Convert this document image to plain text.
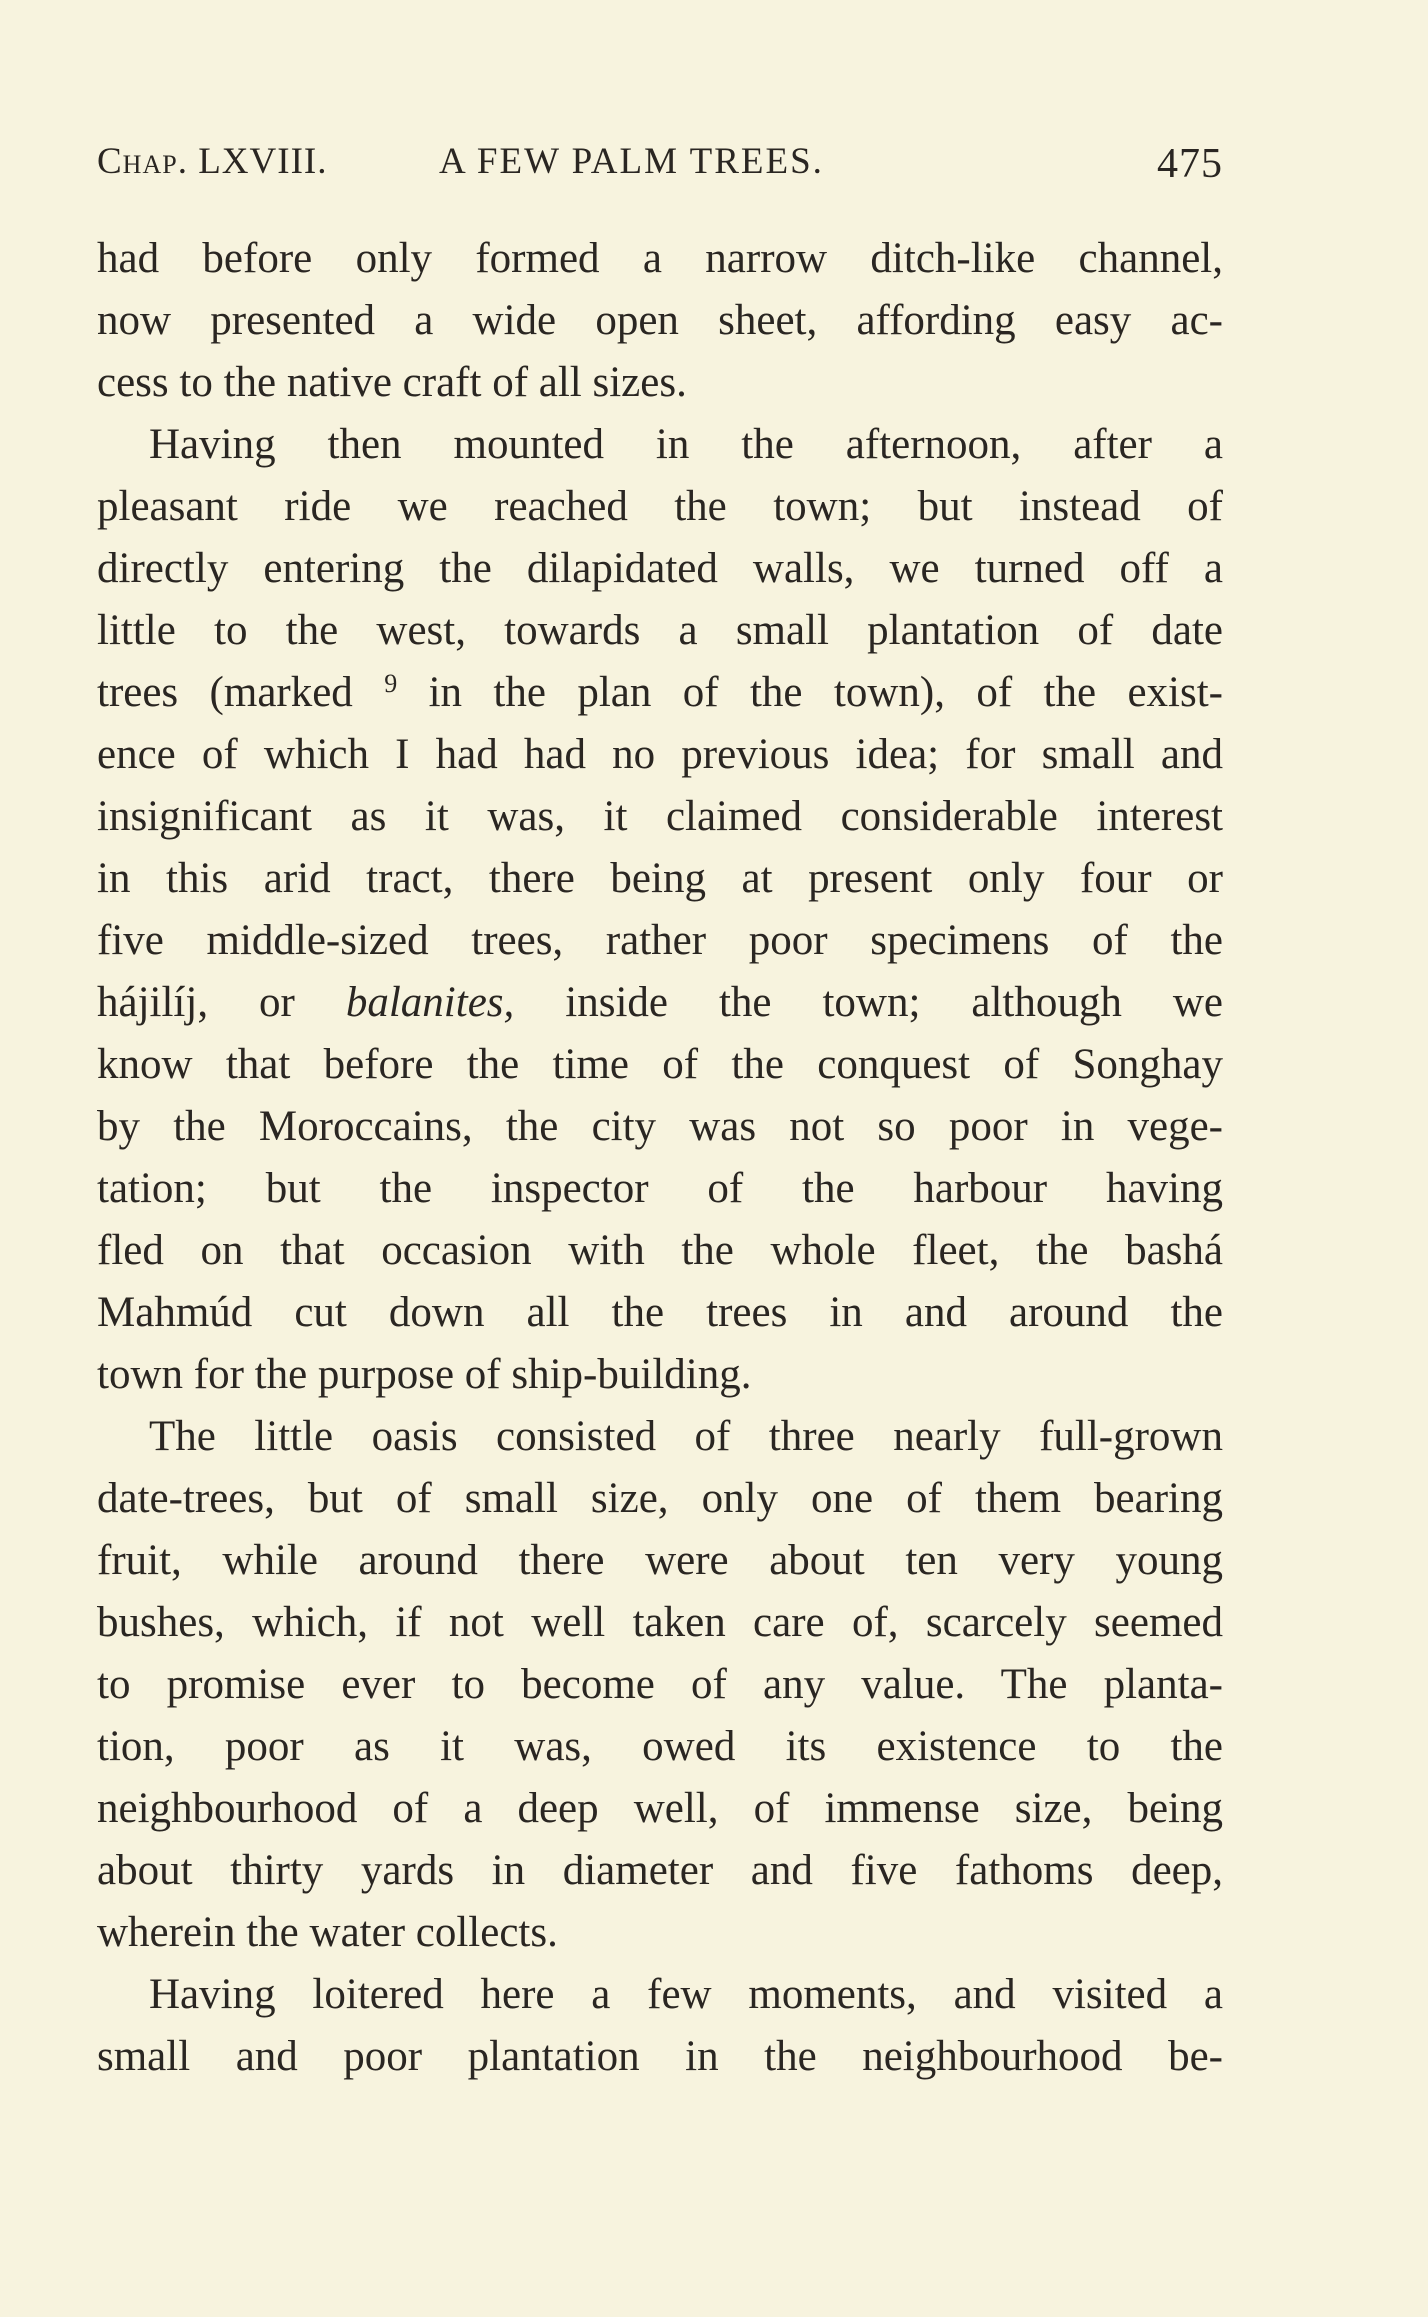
Chap. LXVIII.	A FEW PALM TREES.	475
had before only formed a narrow ditch-like channel,
now presented a wide open sheet, affording easy ac-
cess to the native craft of all sizes.
Having then mounted in the afternoon, after a
pleasant ride we reached the town; but instead of
directly entering the dilapidated walls, we turned off a
little to the west, towards a small plantation of date
trees (marked $^9$ in the plan of the town), of the exist-
ence of which I had had no previous idea; for small and
insignificant as it was, it claimed considerable interest
in this arid tract, there being at present only four or
five middle-sized trees, rather poor specimens of the
hájilíj, or balanites, inside the town; although we
know that before the time of the conquest of Songhay
by the Moroccains, the city was not so poor in vege-
tation; but the inspector of the harbour having
fled on that occasion with the whole fleet, the bashá
Mahmúd cut down all the trees in and around the
town for the purpose of ship-building.
The little oasis consisted of three nearly full-grown
date-trees, but of small size, only one of them bearing
fruit, while around there were about ten very young
bushes, which, if not well taken care of, scarcely seemed
to promise ever to become of any value. The planta-
tion, poor as it was, owed its existence to the
neighbourhood of a deep well, of immense size, being
about thirty yards in diameter and five fathoms deep,
wherein the water collects.
Having loitered here a few moments, and visited a
small and poor plantation in the neighbourhood be-
